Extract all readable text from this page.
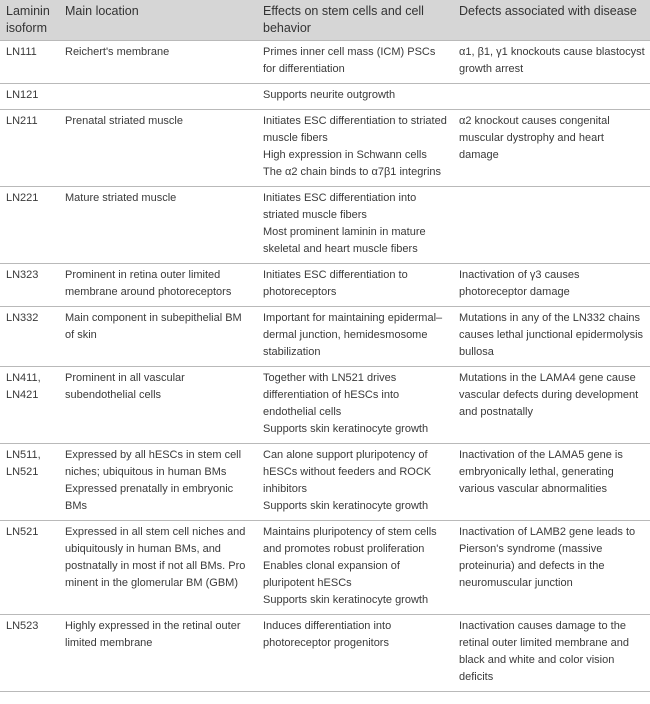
Laminin isoform	Main location	Effects on stem cells and cell behavior	Defects associated with disease

LN111	Reichert's membrane	Primes inner cell mass (ICM) PSCs for differentiation	α1, β1, γ1 knockouts cause blastocyst growth arrest

LN121		Supports neurite outgrowth	

LN211	Prenatal striated muscle	Initiates ESC differentiation to striated muscle fibers
High expression in Schwann cells
The α2 chain binds to α7β1 integrins	α2 knockout causes congenital muscular dystrophy and heart damage

LN221	Mature striated muscle	Initiates ESC differentiation into striated muscle fibers
Most prominent laminin in mature skeletal and heart muscle fibers	

LN323	Prominent in retina outer limited membrane around photoreceptors	Initiates ESC differentiation to photoreceptors	Inactivation of γ3 causes photoreceptor damage

LN332	Main component in subepithelial BM of skin	Important for maintaining epidermal–dermal junction, hemidesmosome stabilization	Mutations in any of the LN332 chains causes lethal junctional epidermolysis bullosa

LN411,
LN421	Prominent in all vascular subendothelial cells	Together with LN521 drives differentiation of hESCs into endothelial cells
Supports skin keratinocyte growth	Mutations in the LAMA4 gene cause vascular defects during development and postnatally

LN511,
LN521	Expressed by all hESCs in stem cell niches; ubiquitous in human BMs
Expressed prenatally in embryonic BMs	Can alone support pluripotency of hESCs without feeders and ROCK inhibitors
Supports skin keratinocyte growth	Inactivation of the LAMA5 gene is embryonically lethal, generating various vascular abnormalities

LN521	Expressed in all stem cell niches and ubiquitously in human BMs, and postnatally in most if not all BMs. Pro minent in the glomerular BM (GBM)	Maintains pluripotency of stem cells and promotes robust proliferation
Enables clonal expansion of pluripotent hESCs
Supports skin keratinocyte growth	Inactivation of LAMB2 gene leads to Pierson's syndrome (massive proteinuria) and defects in the neuromuscular junction

LN523	Highly expressed in the retinal outer limited membrane	Induces differentiation into photoreceptor progenitors	Inactivation causes damage to the retinal outer limited membrane and black and white and color vision deficits
